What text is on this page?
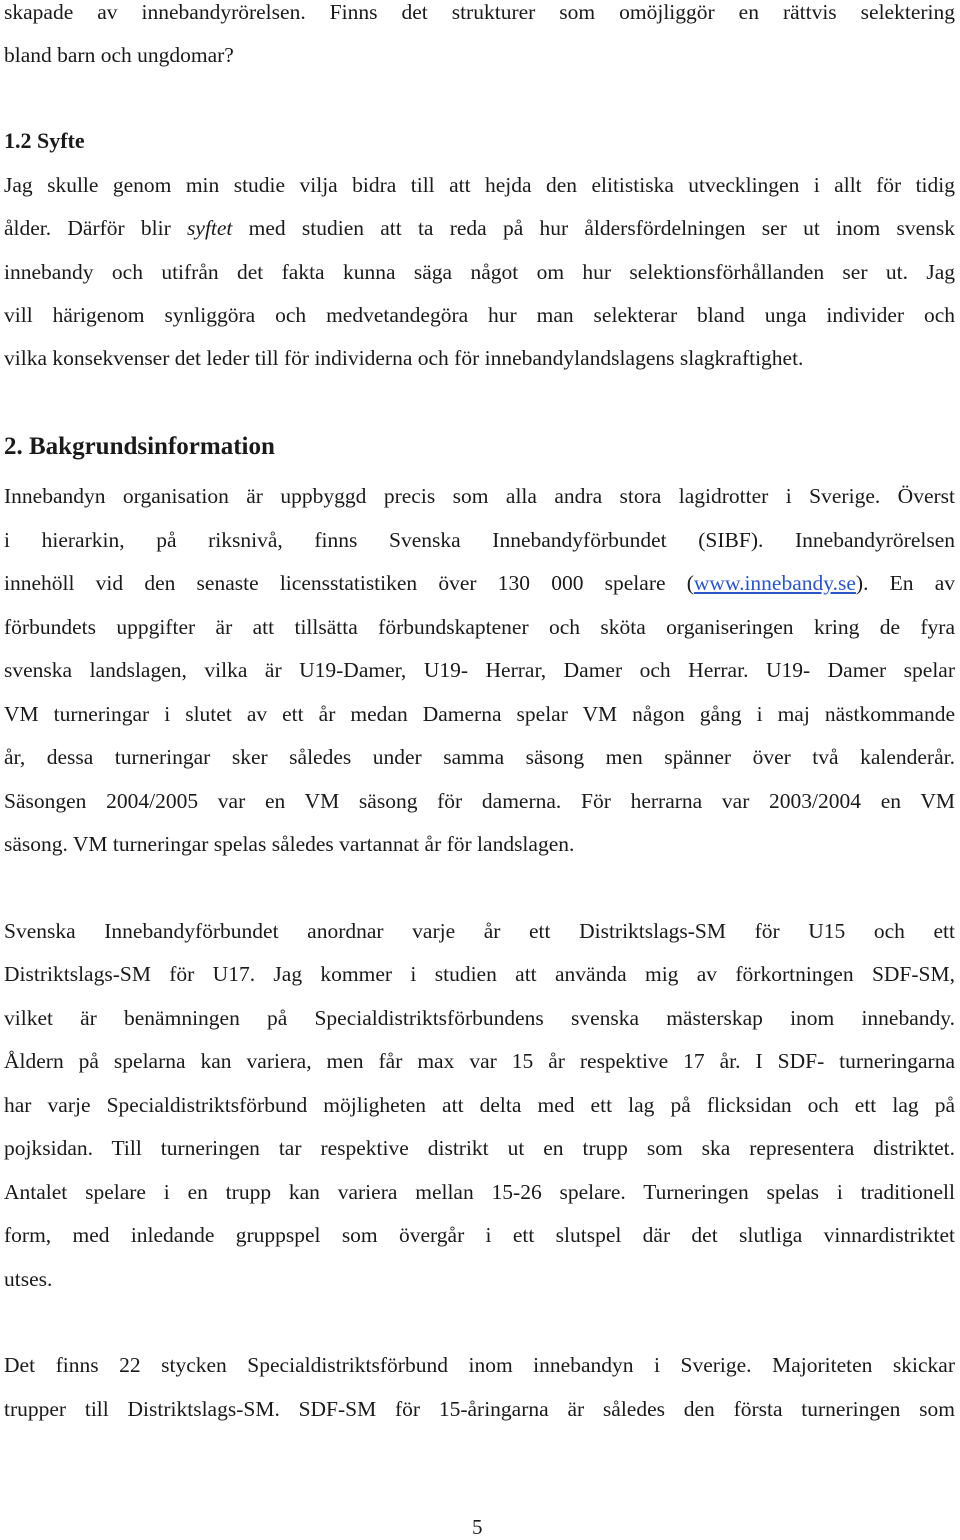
skapade av innebandyrörelsen. Finns det strukturer som omöjliggör en rättvis selektering

bland barn och ungdomar?

1.2 Syfte

Jag skulle genom min studie vilja bidra till att hejda den elitistiska utvecklingen i allt för tidig

ålder. Därför blir syftet med studien att ta reda på hur åldersfördelningen ser ut inom svensk

innebandy och utifrån det fakta kunna säga något om hur selektionsförhållanden ser ut. Jag

vill härigenom synliggöra och medvetandegöra hur man selekterar bland unga individer och

vilka konsekvenser det leder till för individerna och för innebandylandslagens slagkraftighet.

2. Bakgrundsinformation

Innebandyn organisation är uppbyggd precis som alla andra stora lagidrotter i Sverige. Överst

i hierarkin, på riksnivå, finns Svenska Innebandyförbundet (SIBF). Innebandyrörelsen

innehöll vid den senaste licensstatistiken över 130 000 spelare (www.innebandy.se). En av

förbundets uppgifter är att tillsätta förbundskaptener och sköta organiseringen kring de fyra

svenska landslagen, vilka är U19-Damer, U19- Herrar, Damer och Herrar. U19- Damer spelar

VM turneringar i slutet av ett år medan Damerna spelar VM någon gång i maj nästkommande

år, dessa turneringar sker således under samma säsong men spänner över två kalenderår.

Säsongen 2004/2005 var en VM säsong för damerna. För herrarna var 2003/2004 en VM

säsong. VM turneringar spelas således vartannat år för landslagen.

Svenska Innebandyförbundet anordnar varje år ett Distriktslags-SM för U15 och ett

Distriktslags-SM för U17. Jag kommer i studien att använda mig av förkortningen SDF-SM,

vilket är benämningen på Specialdistriktsförbundens svenska mästerskap inom innebandy.

Åldern på spelarna kan variera, men får max var 15 år respektive 17 år. I SDF- turneringarna

har varje Specialdistriktsförbund möjligheten att delta med ett lag på flicksidan och ett lag på

pojksidan. Till turneringen tar respektive distrikt ut en trupp som ska representera distriktet.

Antalet spelare i en trupp kan variera mellan 15-26 spelare. Turneringen spelas i traditionell

form, med inledande gruppspel som övergår i ett slutspel där det slutliga vinnardistriktet

utses.

Det finns 22 stycken Specialdistriktsförbund inom innebandyn i Sverige. Majoriteten skickar

trupper till Distriktslags-SM. SDF-SM för 15-åringarna är således den första turneringen som

5
